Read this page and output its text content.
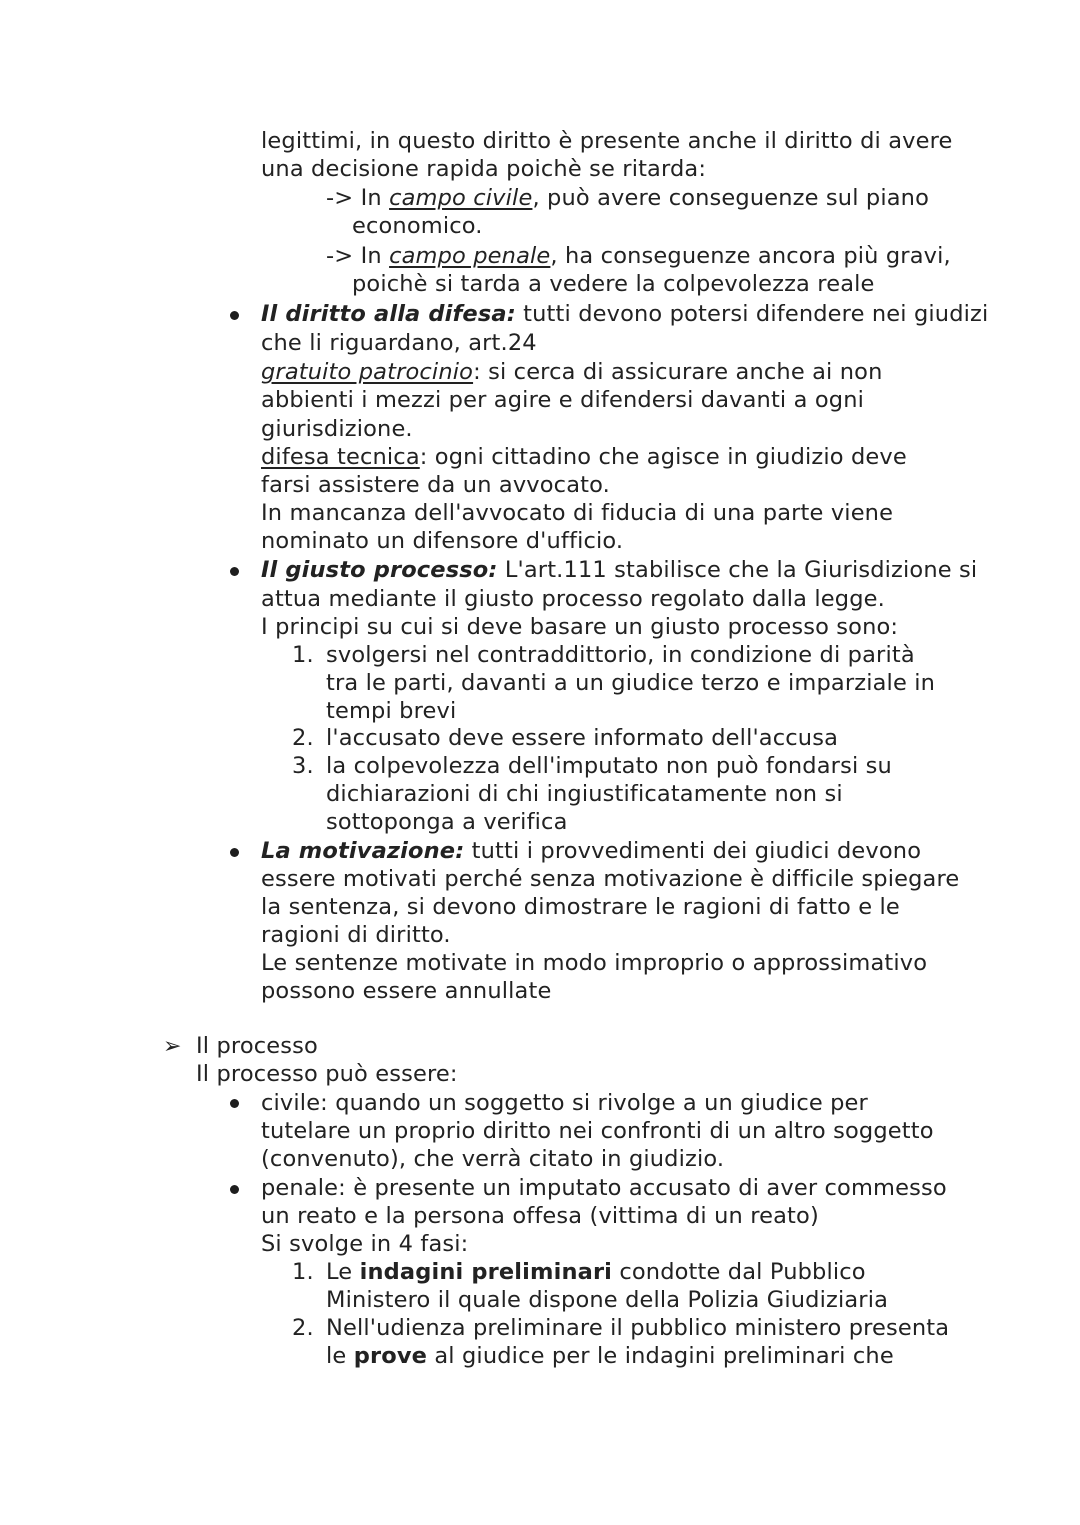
legittimi, in questo diritto è presente anche il diritto di avere
una decisione rapida poichè se ritarda:
-> In campo civile, può avere conseguenze sul piano
economico.
-> In campo penale, ha conseguenze ancora più gravi,
poichè si tarda a vedere la colpevolezza reale
Il diritto alla difesa: tutti devono potersi difendere nei giudizi
che li riguardano, art.24
gratuito patrocinio: si cerca di assicurare anche ai non
abbienti i mezzi per agire e difendersi davanti a ogni
giurisdizione.
difesa tecnica: ogni cittadino che agisce in giudizio deve
farsi assistere da un avvocato.
In mancanza dell'avvocato di fiducia di una parte viene
nominato un difensore d'ufficio.
Il giusto processo: L'art.111 stabilisce che la Giurisdizione si
attua mediante il giusto processo regolato dalla legge.
I principi su cui si deve basare un giusto processo sono:
1. svolgersi nel contraddittorio, in condizione di parità
tra le parti, davanti a un giudice terzo e imparziale in
tempi brevi
2. l'accusato deve essere informato dell'accusa
3. la colpevolezza dell'imputato non può fondarsi su
dichiarazioni di chi ingiustificatamente non si
sottoponga a verifica
La motivazione: tutti i provvedimenti dei giudici devono
essere motivati perché senza motivazione è difficile spiegare
la sentenza, si devono dimostrare le ragioni di fatto e le
ragioni di diritto.
Le sentenze motivate in modo improprio o approssimativo
possono essere annullate
➢ Il processo
Il processo può essere:
civile: quando un soggetto si rivolge a un giudice per
tutelare un proprio diritto nei confronti di un altro soggetto
(convenuto), che verrà citato in giudizio.
penale: è presente un imputato accusato di aver commesso
un reato e la persona offesa (vittima di un reato)
Si svolge in 4 fasi:
1. Le indagini preliminari condotte dal Pubblico
Ministero il quale dispone della Polizia Giudiziaria
2. Nell'udienza preliminare il pubblico ministero presenta
le prove al giudice per le indagini preliminari che
